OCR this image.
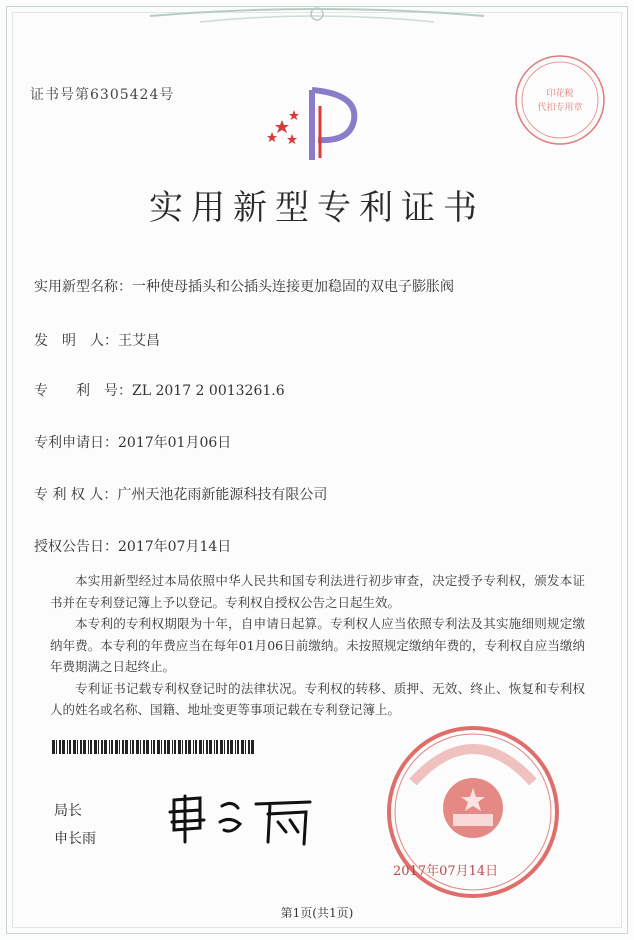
证书号第6305424号	印花税
代扣专用章
实用新型专利证书
实用新型名称：一种使母插头和公插头连接更加稳固的双电子膨胀阀
发　明　人：王艾昌
专　　利　号：ZL 2017 2 0013261.6
专利申请日：2017年01月06日
专 利 权 人：广州天池花雨新能源科技有限公司
授权公告日：2017年07月14日

本实用新型经过本局依照中华人民共和国专利法进行初步审查，决定授予专利权，颁发本证书并在专利登记簿上予以登记。专利权自授权公告之日起生效。

本专利的专利权期限为十年，自申请日起算。专利权人应当依照专利法及其实施细则规定缴纳年费。本专利的年费应当在每年01月06日前缴纳。未按照规定缴纳年费的，专利权自应当缴纳年费期满之日起终止。

专利证书记载专利权登记时的法律状况。专利权的转移、质押、无效、终止、恢复和专利权人的姓名或名称、国籍、地址变更等事项记载在专利登记簿上。

局长
申长雨
2017年07月14日
第1页(共1页)
